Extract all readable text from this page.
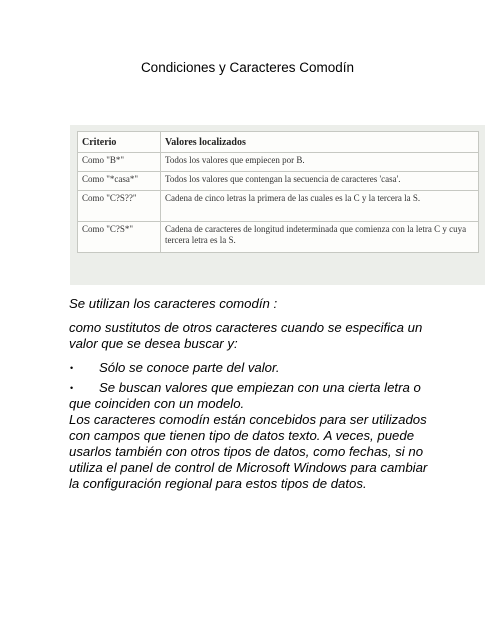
Condiciones y Caracteres Comodín
Criterio	Valores localizados
Como "B*"	Todos los valores que empiecen por B.
Como "*casa*"	Todos los valores que contengan la secuencia de caracteres 'casa'.
Como "C?S??"	Cadena de cinco letras la primera de las cuales es la C y la tercera la S.
Como "C?S*"	Cadena de caracteres de longitud indeterminada que comienza con la letra C y cuya tercera letra es la S.

Se utilizan los caracteres comodín :

como sustitutos de otros caracteres cuando se especifica un valor que se desea buscar y:

• Sólo se conoce parte del valor.

• Se buscan valores que empiezan con una cierta letra o que coinciden con un modelo.

Los caracteres comodín están concebidos para ser utilizados con campos que tienen tipo de datos texto. A veces, puede usarlos también con otros tipos de datos, como fechas, si no utiliza el panel de control de Microsoft Windows para cambiar la configuración regional para estos tipos de datos.
